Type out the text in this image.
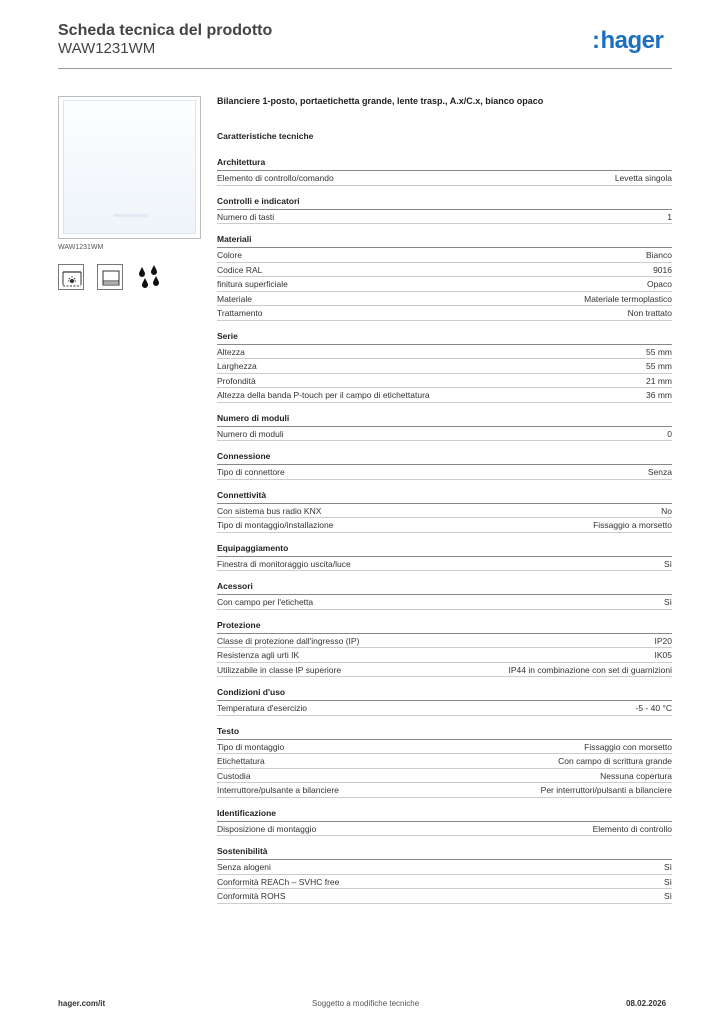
Scheda tecnica del prodotto
WAW1231WM	:hager
WAW1231WM
Bilanciere 1-posto, portaetichetta grande, lente trasp., A.x/C.x, bianco opaco
Caratteristiche tecniche
Architettura
Elemento di controllo/comando	Levetta singola
Controlli e indicatori
Numero di tasti	1
Materiali
Colore	Bianco
Codice RAL	9016
finitura superficiale	Opaco
Materiale	Materiale termoplastico
Trattamento	Non trattato
Serie
Altezza	55 mm
Larghezza	55 mm
Profondità	21 mm
Altezza della banda P-touch per il campo di etichettatura	36 mm
Numero di moduli
Numero di moduli	0
Connessione
Tipo di connettore	Senza
Connettività
Con sistema bus radio KNX	No
Tipo di montaggio/installazione	Fissaggio a morsetto
Equipaggiamento
Finestra di monitoraggio uscita/luce	Sì
Acessori
Con campo per l'etichetta	Sì
Protezione
Classe di protezione dall'ingresso (IP)	IP20
Resistenza agli urti IK	IK05
Utilizzabile in classe IP superiore	IP44 in combinazione con set di guarnizioni
Condizioni d'uso
Temperatura d'esercizio	-5 - 40 °C
Testo
Tipo di montaggio	Fissaggio con morsetto
Etichettatura	Con campo di scrittura grande
Custodia	Nessuna copertura
Interruttore/pulsante a bilanciere	Per interruttori/pulsanti a bilanciere
Identificazione
Disposizione di montaggio	Elemento di controllo
Sostenibilità
Senza alogeni	Sì
Conformità REACh – SVHC free	Sì
Conformità ROHS	Sì
hager.com/it	Soggetto a modifiche tecniche	08.02.2026
